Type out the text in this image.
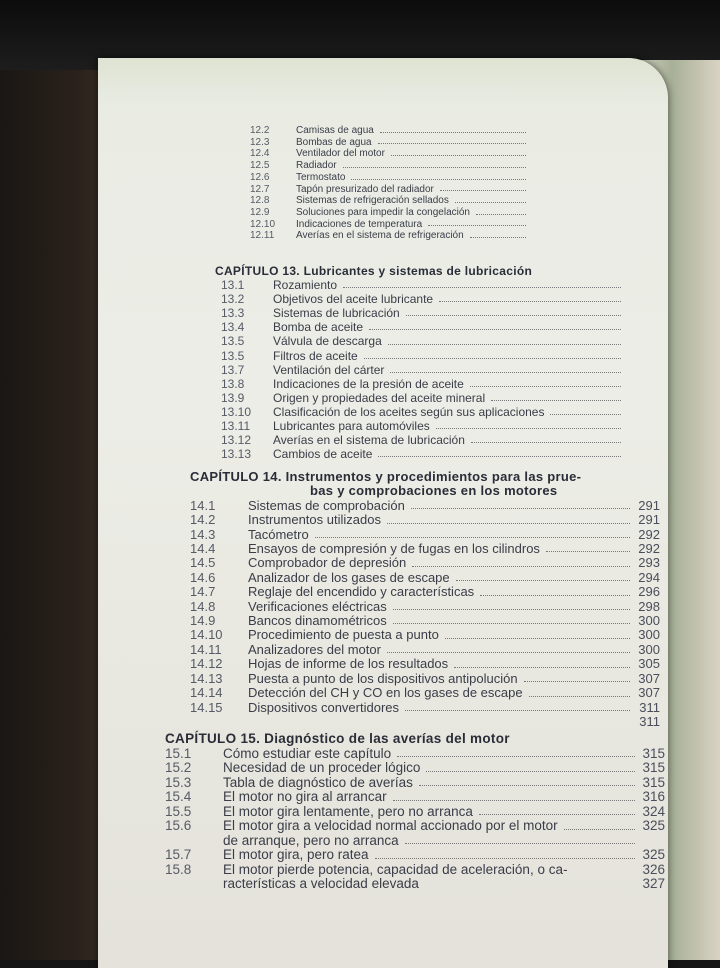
12.2	Camisas de agua
12.3	Bombas de agua
12.4	Ventilador del motor
12.5	Radiador
12.6	Termostato
12.7	Tapón presurizado del radiador
12.8	Sistemas de refrigeración sellados
12.9	Soluciones para impedir la congelación
12.10	Indicaciones de temperatura
12.11	Averías en el sistema de refrigeración
CAPÍTULO 13. Lubricantes y sistemas de lubricación
13.1	Rozamiento
13.2	Objetivos del aceite lubricante
13.3	Sistemas de lubricación
13.4	Bomba de aceite
13.5	Válvula de descarga
13.5	Filtros de aceite
13.7	Ventilación del cárter
13.8	Indicaciones de la presión de aceite
13.9	Origen y propiedades del aceite mineral
13.10	Clasificación de los aceites según sus aplicaciones
13.11	Lubricantes para automóviles
13.12	Averías en el sistema de lubricación
13.13	Cambios de aceite
CAPÍTULO 14. Instrumentos y procedimientos para las prue-
bas y comprobaciones en los motores
14.1	Sistemas de comprobación	291
14.2	Instrumentos utilizados	291
14.3	Tacómetro	292
14.4	Ensayos de compresión y de fugas en los cilindros	292
14.5	Comprobador de depresión	293
14.6	Analizador de los gases de escape	294
14.7	Reglaje del encendido y características	296
14.8	Verificaciones eléctricas	298
14.9	Bancos dinamométricos	300
14.10	Procedimiento de puesta a punto	300
14.11	Analizadores del motor	300
14.12	Hojas de informe de los resultados	305
14.13	Puesta a punto de los dispositivos antipolución	307
14.14	Detección del CH y CO en los gases de escape	307
14.15	Dispositivos convertidores	311
311
CAPÍTULO 15. Diagnóstico de las averías del motor
15.1	Cómo estudiar este capítulo	315
15.2	Necesidad de un proceder lógico	315
15.3	Tabla de diagnóstico de averías	315
15.4	El motor no gira al arrancar	316
15.5	El motor gira lentamente, pero no arranca	324
15.6	El motor gira a velocidad normal accionado por el motor	325
de arranque, pero no arranca
15.7	El motor gira, pero ratea	325
15.8	El motor pierde potencia, capacidad de aceleración, o ca-	326
racterísticas a velocidad elevada	327
